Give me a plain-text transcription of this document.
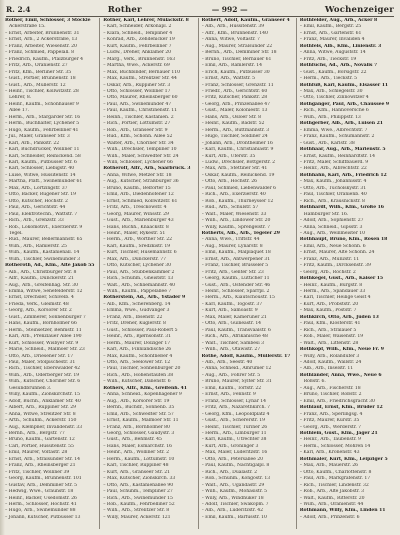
R. 2.4	Rother	— 992 —	Wochenzeiger
Rother, Emil, Schlosser, 3 Stöckle
Ackerstraße 15.
– Ernst, Arbeiter, Brunnenstr. 31
– Ernst, Arb., 2 Ackerstraße, 13
– Franz, Arbeiter, Wiesenstr. 20
– Franz, Schmied, Pappelall. 8
– Friedrich, Kaufm., Pfalzburger 4
– Fritz, Arb., Oranienstr. 27
– Fritz, Kfm., Berliner Str. 35
– Gust., Portier, Brunnenstr. 18
– Gust., Arb., Müllerstr. 12
– Heinr., Tischler, Kollwitzstr. 28
Lehrer, 8.
– Heinr., Kaufm., Schönhauser 9
Allee 17.
– Herm., Arb., Stargarder Str. 16
– Herm., Buchhalter, Lychener 5
– Hugo, Kaufm., Fehrbelliner 41
– Jul., Maler, Granseer Str. 3
– Karl, Arb., Pankstr. 22
– Karl, Buchdrucker, Wolliner 11
– Karl, Schneider, Reinickend. 58
– Karl, Kaufm., Putbusser Str. 6
– Karl, Schlosser, Liebigstr. 40
– Luise, Witwe, Hussitenstr. 14
– Martha, Plätt., Swinemünder 61
– Max, Arb., Lortzingstr. 37
– Otto, Bäcker, Rügener Str. 19
– Otto, Kutscher, Hochstr. 2
– Paul, Arb., Gerichtstr. 44
– Paul, Elektrotechn., Wattstr. 7
– Rich., Arb., Grenzstr. 33
– Rob., Lokomotivf., Exerzierstr. 9
Tegel.
– Rud., Maurer, Bellermannstr. 65
– Wilh., Arb., Ramlerstr. 25
– Wilh., Kaufm., Kastanienall. 14
– Wilh., Tischler, Swinemünder 3
Rotheroth, Ad., Kfm., Alte Jakob 55
– Alb., Arb., Christburger Str. 8
– Alfr., Kaufm., Dunckerstr. 21
– Aug., Arb., Greifenhag. Str. 30
– Emma, Witwe, Senefelderstr. 12
– Ernst, Drechsler, Schivelb. 4
– Frieda, Verk., Gleimstr. 48
– Georg, Arb., Korsörer Str. 2
– Gust., Zimmerer, Sonnenburger 7
– Hans, Kaufm., Bornholmer 66
– Herm., Steinsetzer, Behmstr. 11
– Karl, Arb., Prenzlauer Allee 190
– Kurt, Schlosser, Wisbyer Str. 9
– Marie, Schneid., Malmöer Str. 23
– Otto, Arb., Driesener Str. 17
– Paul, Maler, Stolpischestr. 31
– Rich., Tischler, Eberswalder 42
– Wilh., Arb., Oderberger Str. 19
– Wilh., Kutscher, Choriner Str. 6
Gesundbrunnen 3.
– Willy, Kaufm., Zionskirchstr. 15
– Adolf, Buchh., Anklamer Str. 40
– Albert, Arb., Ruppiner Str. 29
– Anna, Witwe, Strelitzer Str. 8
– Arth., Schuhm., Ackerstr. 150
– Aug., Klempner, Invalidenstr. 33
– Bernh., Arb., Bergstr. 77
– Bruno, Kaufm., Gartenstr. 12
– Carl, Portier, Hussitenstr. 55
– Emil, Maurer, Voltastr. 28
– Ernst, Arb., Stralsunder Str. 14
– Franz, Arb., Rheinsberger 21
– Fritz, Tischler, Wolliner 39
– Georg, Kaufm., Brunnenstr. 101
– Gustav, Arb., Demminer Str. 5
– Hedwig, Wwe., Graunstr. 18
– Heinr., Bäcker, Usedomstr. 26
– Herm., Schlosser, Hochstr. 41
– Hugo, Arb., Swinemünder 88
– Johann, Kutscher, Putbusser 13
Rother, Karl, Lehrer, Mulackstr. 8
– Karl, Schneider, Arkonapl. 2
– Klara, Schneid., Templiner 4
– Konrad, Arb., Zehdenicker 19
– Kurt, Kaufm., Fehrbelliner 7
– Ludw., Dreher, Anklamer 20
– Marg., Verk., Brunnenstr. 163
– Martha, Wwe., Ackerstr. 69
– Max, Buchbinder, Bernauer 110
– Max, Kaufm., Strelitzer Str. 44
– Oskar, Arb., Ruppiner Str. 3
– Otto, Schlosser, Wolliner 17
– Otto, Maurer, Rheinsberger 60
– Paul, Arb., Swinemünder 47
– Paul, Kaufm., Christinenstr. 11
– Reinh., Tischler, Kastanien. 2
– Rich., Portier, Lottumstr. 27
– Rob., Arb., Granseer Str. 9
– Rud., Kfm., Schönh. Allee 52
– Walter, Arb., Choriner Str. 34
– Wilh., Drechsler, Templiner 10
– Wilh., Maler, Schwedter Str. 24
– Willi, Schlosser, Lychener 66
Rotheroff, Alfr., Arb., Saarbrück. 3
– Anna, Witwe, Metzer Str. 18
– Aug., Kutscher, Straßburger 36
– Bruno, Kaufm., Belforter 15
– Emil, Arb., Diedenhofener 12
– Ernst, Schmied, Kollwitzstr. 61
– Fritz, Arb., Tresckowstr. 4
– Georg, Maurer, Winsstr. 29
– Gust., Arb., Marienburger 43
– Hans, Buchh., Knaackstr. 8
– Heinr., Maler, Rykestr. 51
– Herm., Arb., Wörther Str. 22
– Karl, Kaufm., Sredzkistr. 19
– Kurt, Tischler, Husemannstr. 6
– Max, Arb., Dunckerstr. 77
– Otto, Kutscher, Lychener 30
– Paul, Arb., Stubbenkammer 2
– Rich., Schuhm., Gneiststr. 13
– Walt., Arb., Schliemannstr. 40
– Wilh., Kaufm., Pappelallee 7
Rotherstein, Ad., Arb., Ystader 9
– Alb., Kfm., Scherenberg. 14
– Emma, Wwe., Gudvanger 3
– Franz, Arb., Ibsenstr. 22
– Fritz, Dreher, Kuglerstr. 8
– Gust., Schlosser, Paul-Robert 5
– Heinr., Arb., Bjørnsonstr. 31
– Herm., Maurer, Dolziger 17
– Karl, Arb., Finnländische 26
– Max, Kaufm., Schönfließer 4
– Otto, Arb., Seelower Str. 12
– Paul, Tischler, Sonnenburger 20
– Rich., Arb., Hohenstaufen 38
– Wilh., Kutscher, Dänenstr. 6
Rothers, Alfr., Kfm., Greifenh. 41
– Anna, Schneid., Kopenhagener 9
– Aug., Arb., Korsörer Str. 19
– Bernh., Buchdr., Sonnenb. 35
– Emil, Arb., Schwedter Str. 57
– Ernst, Kaufm., Malmöer Str. 11
– Franz, Arb., Bornholmer 80
– Georg, Schlosser, Gaudystr. 3
– Gust., Arb., Behmstr. 45
– Hans, Maler, Esmarchstr. 16
– Heinr., Arb., Wolliner Str. 2
– Herm., Kaufm., Lottumstr. 10
– Karl, Tischler, Ruppiner 48
– Kurt, Arb., Granseer Str. 21
– Max, Kutscher, Zionskirch. 33
– Otto, Arb., Kastanienallee 90
– Paul, Schuhm., Templiner 27
– Rich., Arb., Swinemünder 15
– Rob., Kaufm., Fehrbelliner 52
– Wilh., Arb., Strelitzer Str. 8
– Willy, Maurer, Ackerstr. 121
Rothert, Adolf, Kaufm., Granseer 4
– Alb., Arb., Hussitenstr. 39
– Alfr., Kfm., Brunnenstr. 140
– Anna, Witwe, Voltastr. 7
– Aug., Maurer, Stralsunder 22
– Bernh., Arb., Demminer Str. 18
– Bruno, Tischler, Bernauer 61
– Emil, Arb., Ramlerstr. 14
– Erich, Kaufm., Putbusser 30
– Ernst, Arb., Wattstr. 5
– Franz, Schlosser, Grenzstr. 11
– Friedr., Arb., Gerichtstr. 60
– Fritz, Kutscher, Pankstr. 28
– Georg, Arb., Prinzenallee 47
– Gust., Maler, Koloniestr. 13
– Hans, Arb., Osloer Str. 8
– Heinr., Kaufm., Badstr. 52
– Herm., Arb., Buttmannstr. 3
– Hugo, Tischler, Soldiner 24
– Johann, Arb., Drontheimer 16
– Karl, Kaufm., Christianiastr. 9
– Kurt, Arb., Uferstr. 35
– Ludw., Drechsler, Böttgerstr. 2
– Max, Arb., Stettiner Str. 41
– Oskar, Kaufm., Reinickend. 19
– Otto, Arb., Hochstr. 26
– Paul, Schmied, Liebenwalder 6
– Rich., Arb., Exerzierstr. 40
– Rob., Kaufm., Thurneysser 12
– Rud., Arb., Schulstr. 57
– Walt., Maler, Wiesenstr. 33
– Wilh., Arb., Lindower Str. 20
– Willy, Kaufm., Sprengelstr. 7
Rotherts, Alb., Arb., Tegeler 29
– Anna, Wwe., Triftstr. 44
– Aug., Maurer, Lynarstr. 8
– Emil, Kaufm., Malplaquet 18
– Ernst, Arb., Antwerpener 31
– Franz, Tischler, Brüsseler 5
– Fritz, Arb., Genter Str. 23
– Georg, Kaufm., Lütticher 11
– Gust., Arb., Ostender Str. 46
– Heinr., Schlosser, Sparrpl. 2
– Herm., Arb., Kiautschoustr. 15
– Karl, Kaufm., Togostr. 37
– Kurt, Arb., Samoastr. 9
– Max, Maler, Kameruner 21
– Otto, Arb., Guineastr. 14
– Paul, Kaufm., Transvaalstr. 6
– Rich., Arb., Afrikanische 48
– Walt., Tischler, Sambesi 3
– Wilh., Arb., Otawistr. 27
Rothe, Adolf, Kaufm., Müllerstr. 17
– Alb., Arb., Seestr. 40
– Anna, Schneid., Amrumer 12
– Aug., Arb., Föhrer Str. 5
– Bruno, Maurer, Sylter Str. 31
– Emil, Kaufm., Torfstr. 22
– Ernst, Arb., Fennstr. 9
– Franz, Schlosser, Lynar 14
– Fritz, Arb., Nazarethkirch. 7
– Georg, Kfm., Leopoldplatz 4
– Gust., Arb., Schererstr. 19
– Heinr., Tischler, Turiner 26
– Herm., Arb., Limburger 11
– Karl, Kaufm., Utrechter 38
– Kurt, Arb., Groninger 3
– Max, Maler, Lüderitzstr. 16
– Otto, Arb., Petersallee 20
– Paul, Kaufm., Nachtigalpl. 8
– Rich., Arb., Dualastr. 2
– Rob., Schuhm., Kongostr. 13
– Walt., Arb., Ugandastr. 29
– Wilh., Kaufm., Mohasistr. 5
– Willy, Arb., Windhuker 18
– Adolf, Tischler, Swakopm. 7
– Alb., Arb., Lüderitzstr. 42
– Emil, Kaufm., Barfusstr. 10
Rothfelder, Aug., Arb., Acker 8
– Emil, Kaufm., Bergstr. 25
– Ernst, Arb., Gartenstr. 61
– Franz, Maurer, Invaliden 4
Rothfels, Alb., Kfm., Linienstr. 3
– Anna, Witwe, Auguststr. 14
– Fritz, Arb., Tieckstr. 19
Rothfuchs, Ad., Arb., Novalis 7
– Gust., Kaufm., Borsigstr. 22
– Herm., Arb., Tieckstr. 5
Rothfuß, Karl, Kaufm., Elsasser 11
– Max, Arb., Schlegelstr. 30
– Otto, Tischler, Zinnowitzer 4
Rothgänger, Paul, Arb., Chaussee 9
– Rich., Kfm., Hannoversche 6
– Wilh., Arb., Philippstr. 13
Rothgerber, Alb., Arb., Luisen 21
– Emma, Wwe., Albrechtstr. 7
– Franz, Kaufm., Schumannstr. 2
– Gust., Arb., Karlstr. 38
Rothhaar, Aug., Arb., Marienstr. 5
– Ernst, Kaufm., Reinhardtstr. 14
– Fritz, Maler, Schiffbauerd. 9
– Heinr., Arb., Albrechtstr. 22
Rothhahn, Karl, Arb., Friedrich 12
– Max, Kaufm., Johannisstr. 4
– Otto, Arb., Tucholskystr. 31
– Paul, Tischler, Oranienb. 40
– Rich., Arb., Krausnickstr. 8
Rothhardt, Wilh., Kfm., Große 16
Hamburger Str. 16.
– Adolf, Arb., Sophienstr. 27
– Anna, Schneid., Gipsstr. 3
– Aug., Arb., Weinmeister 10
Rothhaupt, Bruno, Kfm., Rosen 18
– Emil, Arb., Neue Schönh. 6
– Ernst, Maurer, Alte Schönh. 24
– Franz, Arb., Münzstr. 11
– Fritz, Kaufm., Dircksenstr. 39
– Georg, Arb., Rochstr. 2
Rothkegel, Gust., Arb., Kaiser 15
– Heinr., Kaufm., Burgstr. 8
– Herm., Arb., Spandauer 33
– Karl, Tischler, Heilige Geist 4
– Kurt, Arb., Probststr. 20
– Max, Kaufm., Poststr. 7
Rothkirch, Otto, Arb., Jüden 13
– Paul, Kfm., Klosterstr. 41
– Rich., Arb., Stralauer 5
– Rob., Maler, Waisenstr. 19
– Walt., Arb., Littenstr. 28
Rothkopf, Wilh., Kfm., Neue Fr. 9
– Willy, Arb., Rolandufer 3
– Adolf, Kaufm., Wallstr. 24
– Alb., Arb., Inselstr. 11
Rothländer, Anna, Wwe., Neue 6
Roßstr. 6.
– Aug., Arb., Fischerstr. 18
– Bruno, Tischler, Roßstr. 2
– Emil, Arb., Friedrichsgracht 30
Rothlauf, Ernst, Kfm., Brüder 12
– Franz, Arb., Sperlingsg. 4
– Fritz, Maurer, Kurstr. 35
– Georg, Arb., Werderstr. 7
Rothlein, Gust., Kfm., Jäger 21
– Heinr., Arb., Taubenstr. 9
– Herm., Schlosser, Mohren 14
– Karl, Arb., Kronenstr. 43
Rothmaler, Kurt, Kfm., Leipziger 5
– Max, Arb., Mauerstr. 26
– Otto, Kaufm., Charlottenstr. 8
– Paul, Arb., Markgrafenstr. 17
– Rich., Tischler, Lindenstr. 32
– Rob., Arb., Alte Jakobstr. 3
– Walt., Kaufm., Ritterstr. 20
– Wilh., Arb., Oranienstr. 44
Rothmann, Willy, Kfm., Linden 11
– Adolf, Arb., Prinzenstr. 6
